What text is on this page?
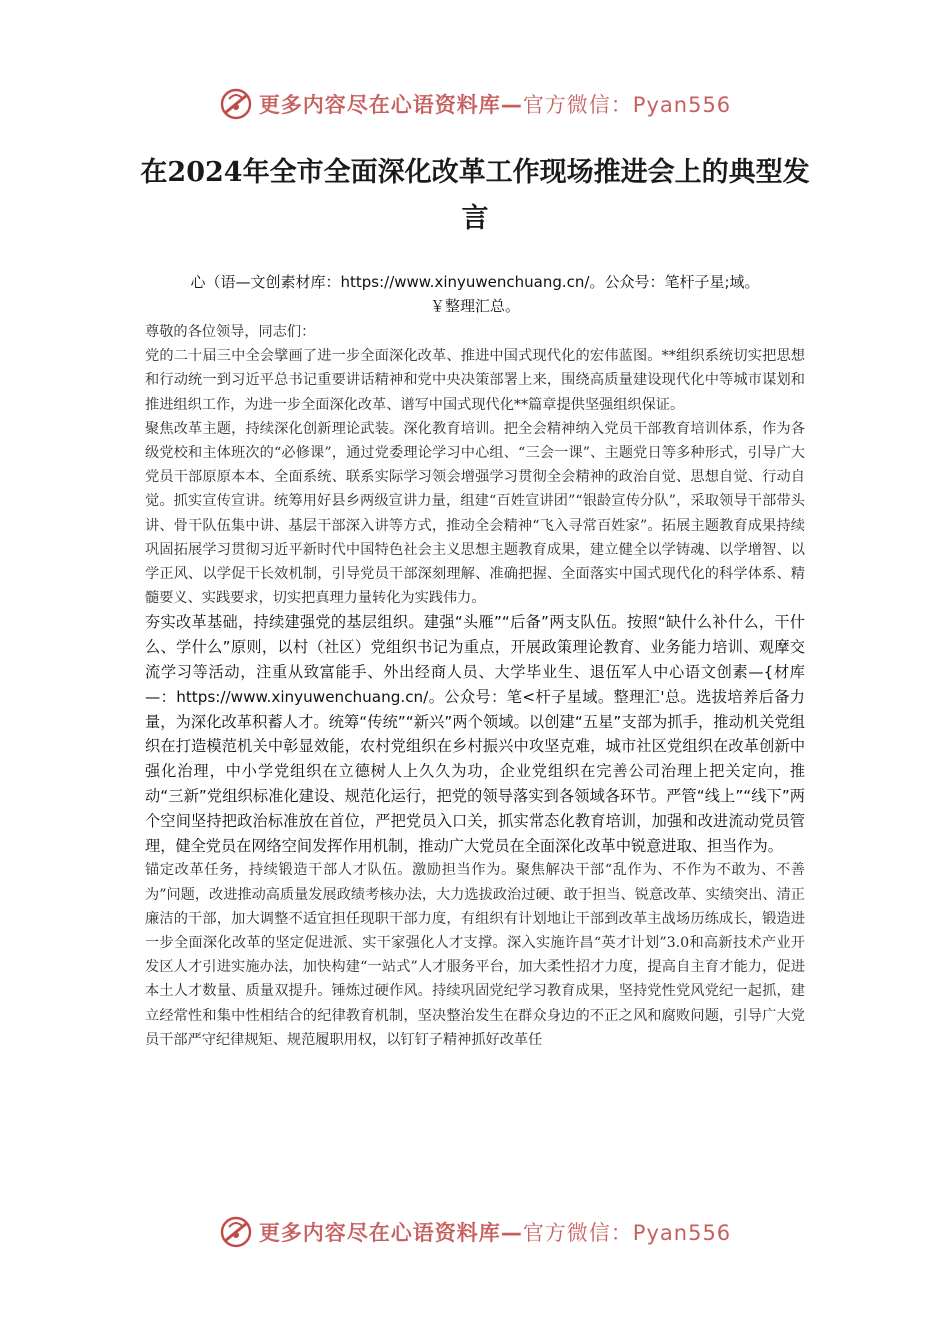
更多内容尽在心语资料库—官方微信：Pyan556
在2024年全市全面深化改革工作现场推进会上的典型发言
心（语—文创素材库：https://www.xinyuwenchuang.cn/。公众号：笔杆子星;域。
￥整理汇总。

尊敬的各位领导，同志们：

党的二十届三中全会擘画了进一步全面深化改革、推进中国式现代化的宏伟蓝图。**组织系统切实把思想和行动统一到习近平总书记重要讲话精神和党中央决策部署上来，围绕高质量建设现代化中等城市谋划和推进组织工作，为进一步全面深化改革、谱写中国式现代化**篇章提供坚强组织保证。

聚焦改革主题，持续深化创新理论武装。深化教育培训。把全会精神纳入党员干部教育培训体系，作为各级党校和主体班次的“必修课”，通过党委理论学习中心组、“三会一课”、主题党日等多种形式，引导广大党员干部原原本本、全面系统、联系实际学习领会增强学习贯彻全会精神的政治自觉、思想自觉、行动自觉。抓实宣传宣讲。统筹用好县乡两级宣讲力量，组建“百姓宣讲团”“银龄宣传分队”，采取领导干部带头讲、骨干队伍集中讲、基层干部深入讲等方式，推动全会精神“飞入寻常百姓家”。拓展主题教育成果持续巩固拓展学习贯彻习近平新时代中国特色社会主义思想主题教育成果，建立健全以学铸魂、以学增智、以学正风、以学促干长效机制，引导党员干部深刻理解、准确把握、全面落实中国式现代化的科学体系、精髓要义、实践要求，切实把真理力量转化为实践伟力。

夯实改革基础，持续建强党的基层组织。建强“头雁”“后备”两支队伍。按照“缺什么补什么，干什么、学什么”原则，以村（社区）党组织书记为重点，开展政策理论教育、业务能力培训、观摩交流学习等活动，注重从致富能手、外出经商人员、大学毕业生、退伍军人中心语文创素—{材库—：https://www.xinyuwenchuang.cn/。公众号：笔<杆子星域。整理汇'总。选拔培养后备力量，为深化改革积蓄人才。统筹“传统”“新兴”两个领域。以创建“五星”支部为抓手，推动机关党组织在打造模范机关中彰显效能，农村党组织在乡村振兴中攻坚克难，城市社区党组织在改革创新中强化治理，中小学党组织在立德树人上久久为功，企业党组织在完善公司治理上把关定向，推动“三新”党组织标准化建设、规范化运行，把党的领导落实到各领域各环节。严管“线上”“线下”两个空间坚持把政治标准放在首位，严把党员入口关，抓实常态化教育培训，加强和改进流动党员管理，健全党员在网络空间发挥作用机制，推动广大党员在全面深化改革中锐意进取、担当作为。

锚定改革任务，持续锻造干部人才队伍。激励担当作为。聚焦解决干部“乱作为、不作为不敢为、不善为”问题，改进推动高质量发展政绩考核办法，大力选拔政治过硬、敢于担当、锐意改革、实绩突出、清正廉洁的干部，加大调整不适宜担任现职干部力度，有组织有计划地让干部到改革主战场历练成长，锻造进一步全面深化改革的坚定促进派、实干家强化人才支撑。深入实施许昌“英才计划”3.0和高新技术产业开发区人才引进实施办法，加快构建“一站式”人才服务平台，加大柔性招才力度，提高自主育才能力，促进本土人才数量、质量双提升。锤炼过硬作风。持续巩固党纪学习教育成果，坚持党性党风党纪一起抓，建立经常性和集中性相结合的纪律教育机制，坚决整治发生在群众身边的不正之风和腐败问题，引导广大党员干部严守纪律规矩、规范履职用权，以钉钉子精神抓好改革任

更多内容尽在心语资料库—官方微信：Pyan556
